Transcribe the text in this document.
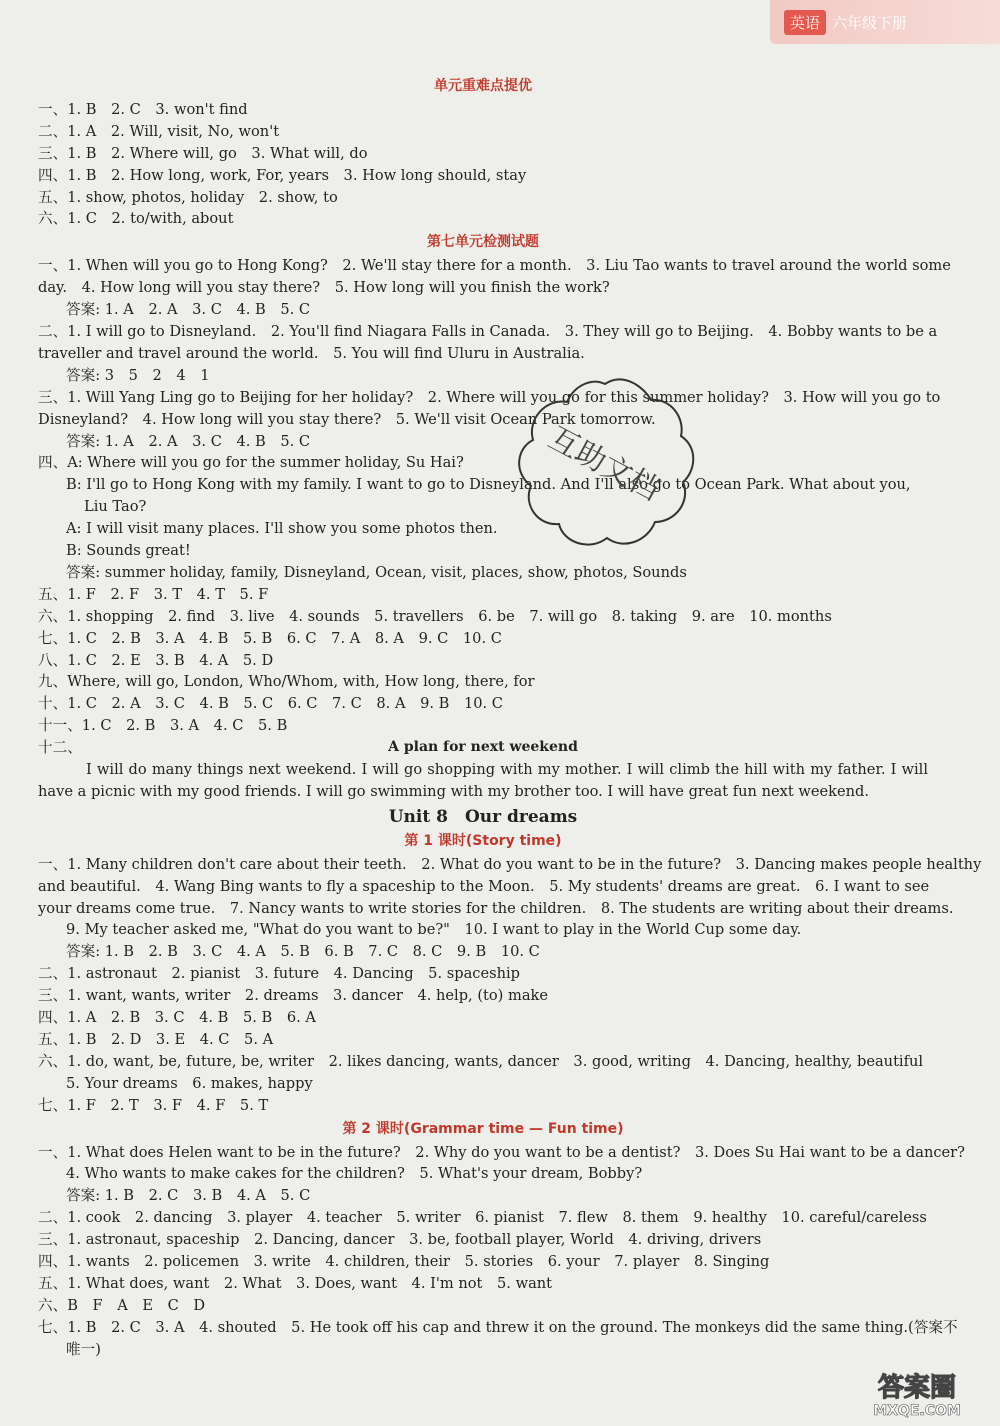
英语 六年级下册
单元重难点提优
一、1. B　2. C　3. won't find
二、1. A　2. Will, visit, No, won't
三、1. B　2. Where will, go　3. What will, do
四、1. B　2. How long, work, For, years　3. How long should, stay
五、1. show, photos, holiday　2. show, to
六、1. C　2. to/with, about
第七单元检测试题
一、1. When will you go to Hong Kong?　2. We'll stay there for a month.　3. Liu Tao wants to travel around the world some
day.　4. How long will you stay there?　5. How long will you finish the work?
答案: 1. A　2. A　3. C　4. B　5. C
二、1. I will go to Disneyland.　2. You'll find Niagara Falls in Canada.　3. They will go to Beijing.　4. Bobby wants to be a
traveller and travel around the world.　5. You will find Uluru in Australia.
答案: 3　5　2　4　1
三、1. Will Yang Ling go to Beijing for her holiday?　2. Where will you go for this summer holiday?　3. How will you go to
Disneyland?　4. How long will you stay there?　5. We'll visit Ocean Park tomorrow.
答案: 1. A　2. A　3. C　4. B　5. C
四、A: Where will you go for the summer holiday, Su Hai?
B: I'll go to Hong Kong with my family. I want to go to Disneyland. And I'll also go to Ocean Park. What about you,
Liu Tao?
A: I will visit many places. I'll show you some photos then.
B: Sounds great!
答案: summer holiday, family, Disneyland, Ocean, visit, places, show, photos, Sounds
五、1. F　2. F　3. T　4. T　5. F
六、1. shopping　2. find　3. live　4. sounds　5. travellers　6. be　7. will go　8. taking　9. are　10. months
七、1. C　2. B　3. A　4. B　5. B　6. C　7. A　8. A　9. C　10. C
八、1. C　2. E　3. B　4. A　5. D
九、Where, will go, London, Who/Whom, with, How long, there, for
十、1. C　2. A　3. C　4. B　5. C　6. C　7. C　8. A　9. B　10. C
十一、1. C　2. B　3. A　4. C　5. B
十二、	A plan for next weekend
I will do many things next weekend. I will go shopping with my mother. I will climb the hill with my father. I will have a picnic with my good friends. I will go swimming with my brother too. I will have great fun next weekend.
Unit 8　Our dreams
第 1 课时(Story time)
一、1. Many children don't care about their teeth.　2. What do you want to be in the future?　3. Dancing makes people healthy
and beautiful.　4. Wang Bing wants to fly a spaceship to the Moon.　5. My students' dreams are great.　6. I want to see
your dreams come true.　7. Nancy wants to write stories for the children.　8. The students are writing about their dreams.
9. My teacher asked me, "What do you want to be?"　10. I want to play in the World Cup some day.
答案: 1. B　2. B　3. C　4. A　5. B　6. B　7. C　8. C　9. B　10. C
二、1. astronaut　2. pianist　3. future　4. Dancing　5. spaceship
三、1. want, wants, writer　2. dreams　3. dancer　4. help, (to) make
四、1. A　2. B　3. C　4. B　5. B　6. A
五、1. B　2. D　3. E　4. C　5. A
六、1. do, want, be, future, be, writer　2. likes dancing, wants, dancer　3. good, writing　4. Dancing, healthy, beautiful
5. Your dreams　6. makes, happy
七、1. F　2. T　3. F　4. F　5. T
第 2 课时(Grammar time — Fun time)
一、1. What does Helen want to be in the future?　2. Why do you want to be a dentist?　3. Does Su Hai want to be a dancer?
4. Who wants to make cakes for the children?　5. What's your dream, Bobby?
答案: 1. B　2. C　3. B　4. A　5. C
二、1. cook　2. dancing　3. player　4. teacher　5. writer　6. pianist　7. flew　8. them　9. healthy　10. careful/careless
三、1. astronaut, spaceship　2. Dancing, dancer　3. be, football player, World　4. driving, drivers
四、1. wants　2. policemen　3. write　4. children, their　5. stories　6. your　7. player　8. Singing
五、1. What does, want　2. What　3. Does, want　4. I'm not　5. want
六、B　F　A　E　C　D
七、1. B　2. C　3. A　4. shouted　5. He took off his cap and threw it on the ground. The monkeys did the same thing.(答案不
唯一)
互助文档
答案圈
MXQE.COM
